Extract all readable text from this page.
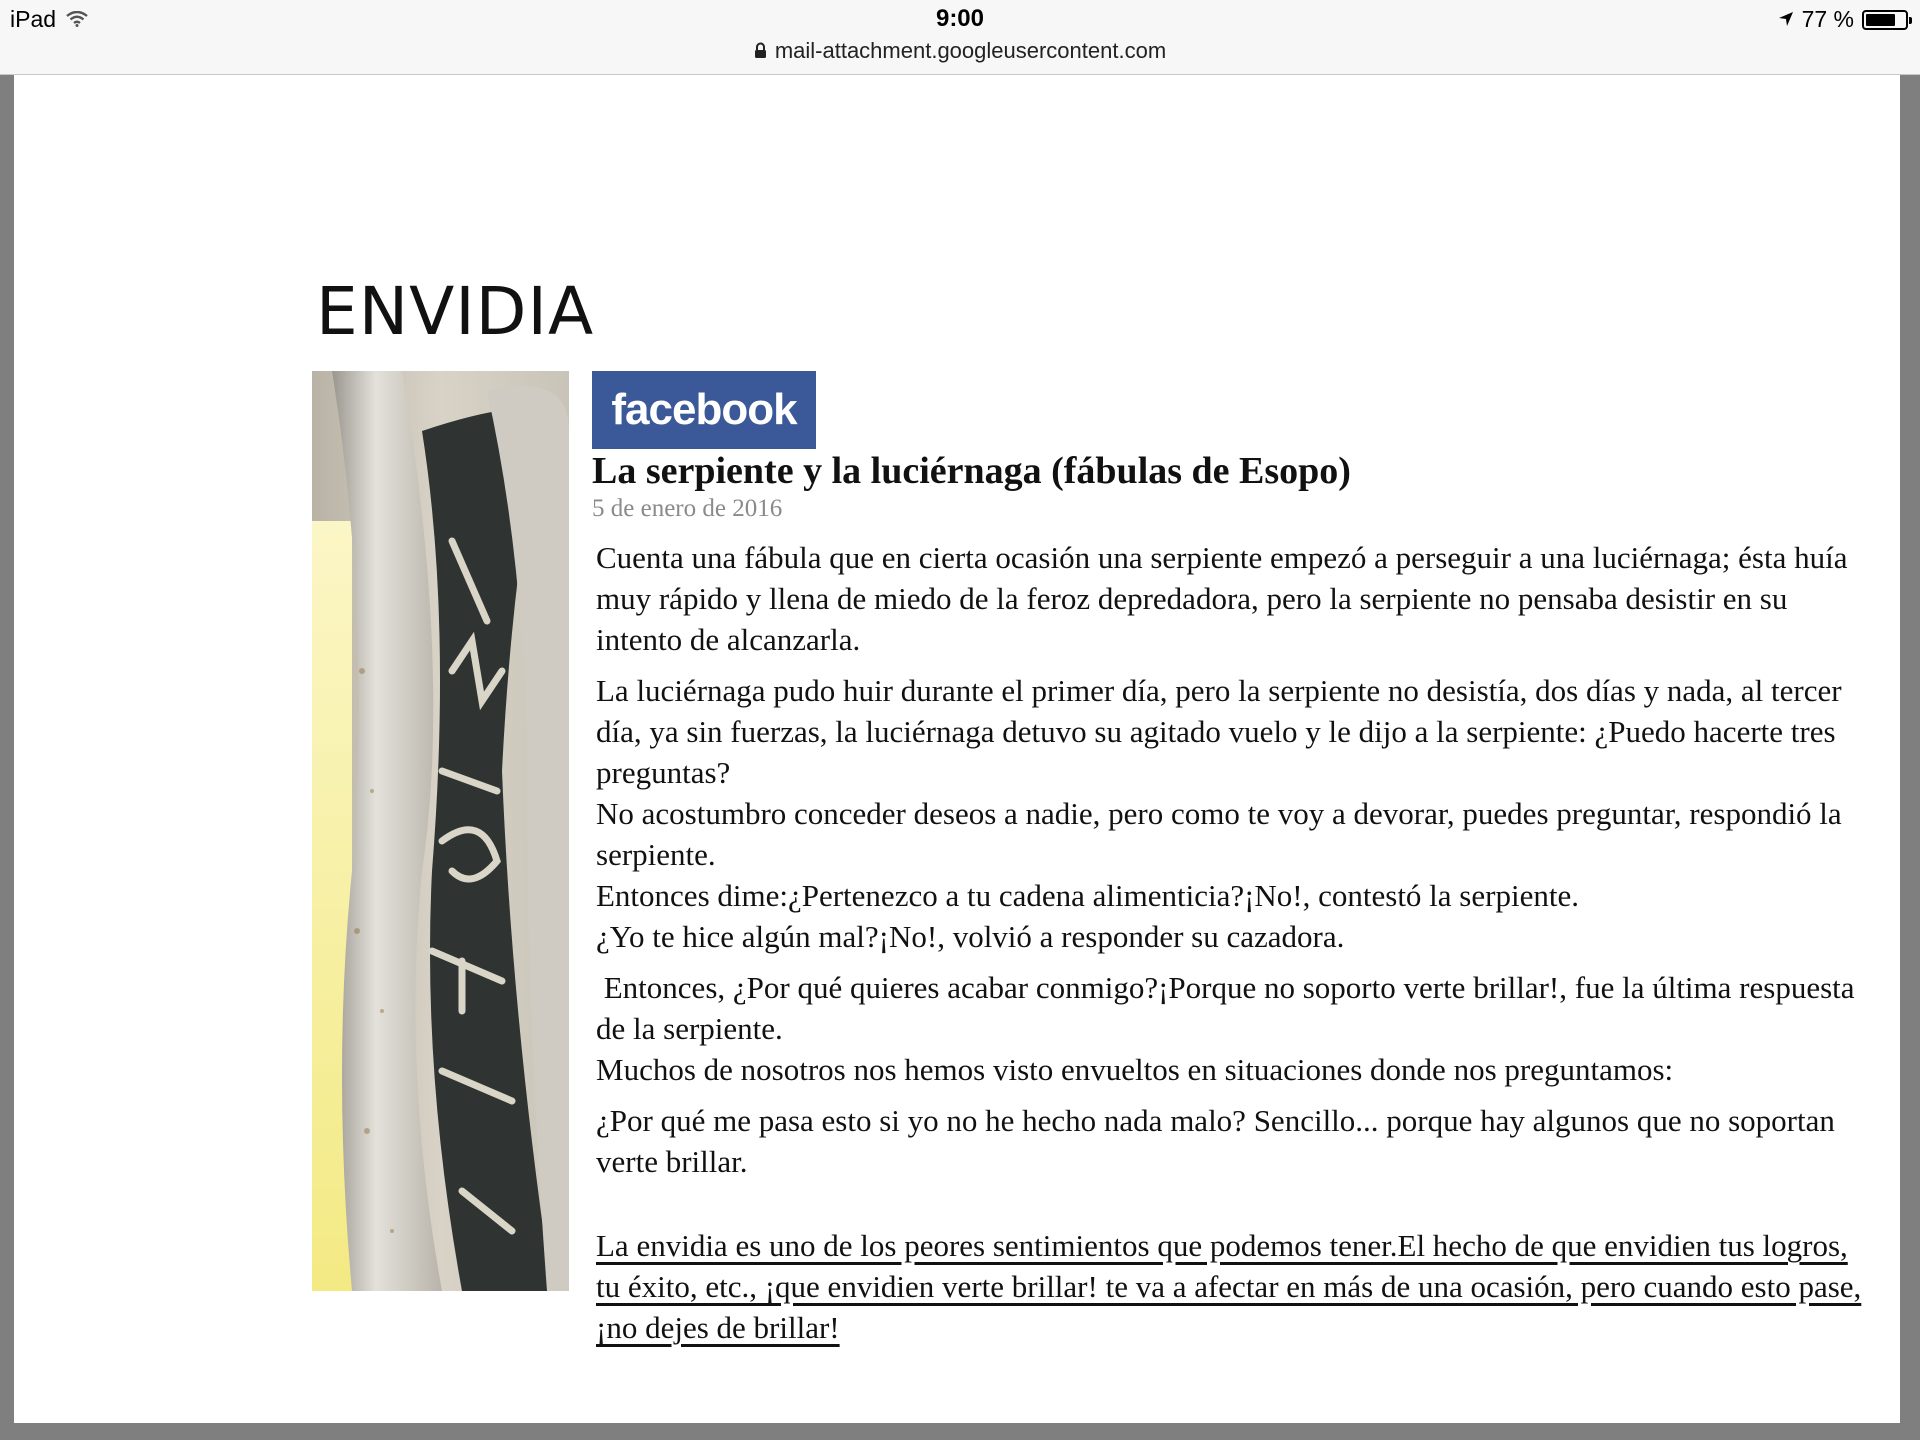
iPad	9:00	77 %
mail-attachment.googleusercontent.com
ENVIDIA
facebook
La serpiente y la luciérnaga (fábulas de Esopo)
5 de enero de 2016

Cuenta una fábula que en cierta ocasión una serpiente empezó a perseguir a una luciérnaga; ésta huía muy rápido y llena de miedo de la feroz depredadora, pero la serpiente no pensaba desistir en su intento de alcanzarla.

La luciérnaga pudo huir durante el primer día, pero la serpiente no desistía, dos días y nada, al tercer día, ya sin fuerzas, la luciérnaga detuvo su agitado vuelo y le dijo a la serpiente: ¿Puedo hacerte tres preguntas?

No acostumbro conceder deseos a nadie, pero como te voy a devorar, puedes preguntar, respondió la serpiente.

Entonces dime:¿Pertenezco a tu cadena alimenticia?¡No!, contestó la serpiente.

¿Yo te hice algún mal?¡No!, volvió a responder su cazadora.

Entonces, ¿Por qué quieres acabar conmigo?¡Porque no soporto verte brillar!, fue la última respuesta de la serpiente.

Muchos de nosotros nos hemos visto envueltos en situaciones donde nos preguntamos:

¿Por qué me pasa esto si yo no he hecho nada malo? Sencillo... porque hay algunos que no soportan verte brillar.

La envidia es uno de los peores sentimientos que podemos tener.El hecho de que envidien tus logros, tu éxito, etc., ¡que envidien verte brillar! te va a afectar en más de una ocasión, pero cuando esto pase, ¡no dejes de brillar!
